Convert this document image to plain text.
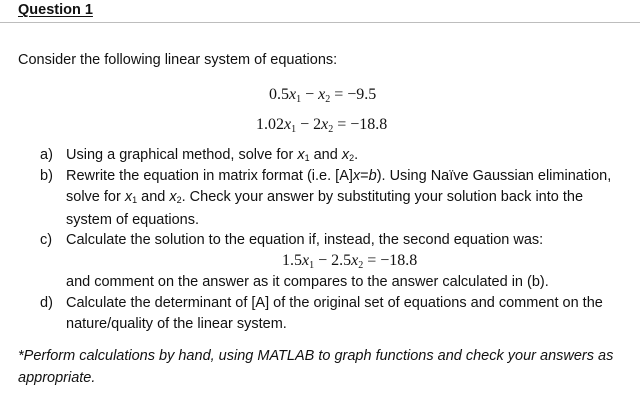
Question 1
Consider the following linear system of equations:
$0.5x_1 - x_2 = -9.5$
$1.02x_1 - 2x_2 = -18.8$
a) Using a graphical method, solve for $x_1$ and $x_2$.
b) Rewrite the equation in matrix format (i.e. [A]x=b). Using Naïve Gaussian elimination, solve for $x_1$ and $x_2$. Check your answer by substituting your solution back into the system of equations.
c) Calculate the solution to the equation if, instead, the second equation was:
$1.5x_1 - 2.5x_2 = -18.8$
and comment on the answer as it compares to the answer calculated in (b).
d) Calculate the determinant of [A] of the original set of equations and comment on the nature/quality of the linear system.
*Perform calculations by hand, using MATLAB to graph functions and check your answers as appropriate.
